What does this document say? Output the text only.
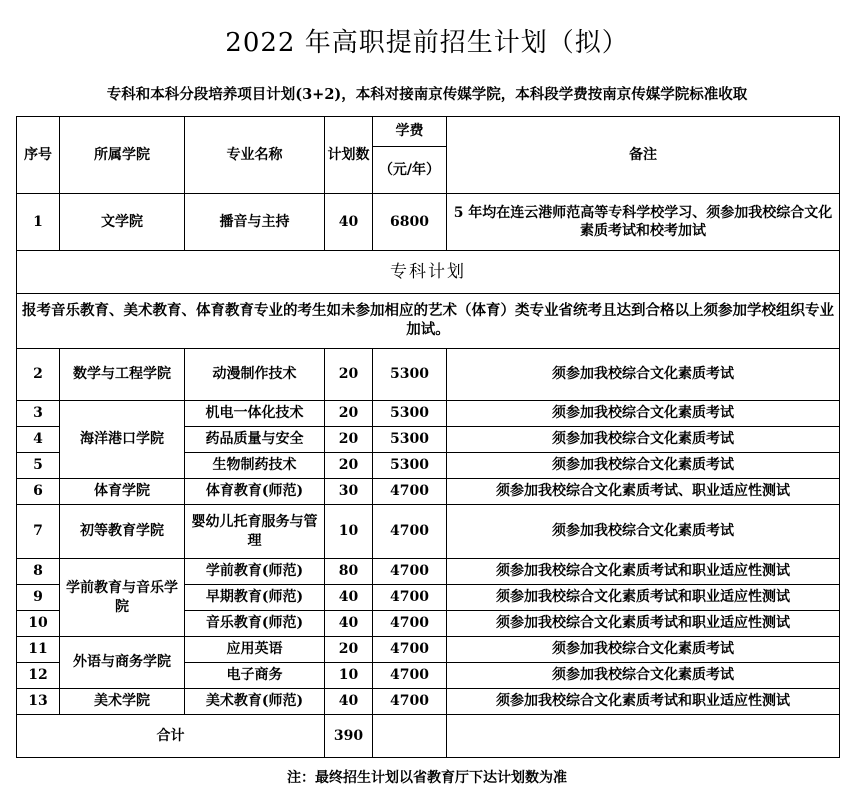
2022 年高职提前招生计划（拟）
专科和本科分段培养项目计划(3+2)，本科对接南京传媒学院，本科段学费按南京传媒学院标准收取
序号	所属学院	专业名称	计划数	学费	备注
				（元/年）	
1	文学院	播音与主持	40	6800	5 年均在连云港师范高等专科学校学习、须参加我校综合文化素质考试和校考加试
专科计划					
报考音乐教育、美术教育、体育教育专业的考生如未参加相应的艺术（体育）类专业省统考且达到合格以上须参加学校组织专业加试。					
2	数学与工程学院	动漫制作技术	20	5300	须参加我校综合文化素质考试
3	海洋港口学院	机电一体化技术	20	5300	须参加我校综合文化素质考试
4		药品质量与安全	20	5300	须参加我校综合文化素质考试
5		生物制药技术	20	5300	须参加我校综合文化素质考试
6	体育学院	体育教育(师范)	30	4700	须参加我校综合文化素质考试、职业适应性测试
7	初等教育学院	婴幼儿托育服务与管理	10	4700	须参加我校综合文化素质考试
8	学前教育与音乐学院	学前教育(师范)	80	4700	须参加我校综合文化素质考试和职业适应性测试
9		早期教育(师范)	40	4700	须参加我校综合文化素质考试和职业适应性测试
10		音乐教育(师范)	40	4700	须参加我校综合文化素质考试和职业适应性测试
11	外语与商务学院	应用英语	20	4700	须参加我校综合文化素质考试
12		电子商务	10	4700	须参加我校综合文化素质考试
13	美术学院	美术教育(师范)	40	4700	须参加我校综合文化素质考试和职业适应性测试
合计			390		
注：最终招生计划以省教育厅下达计划数为准
